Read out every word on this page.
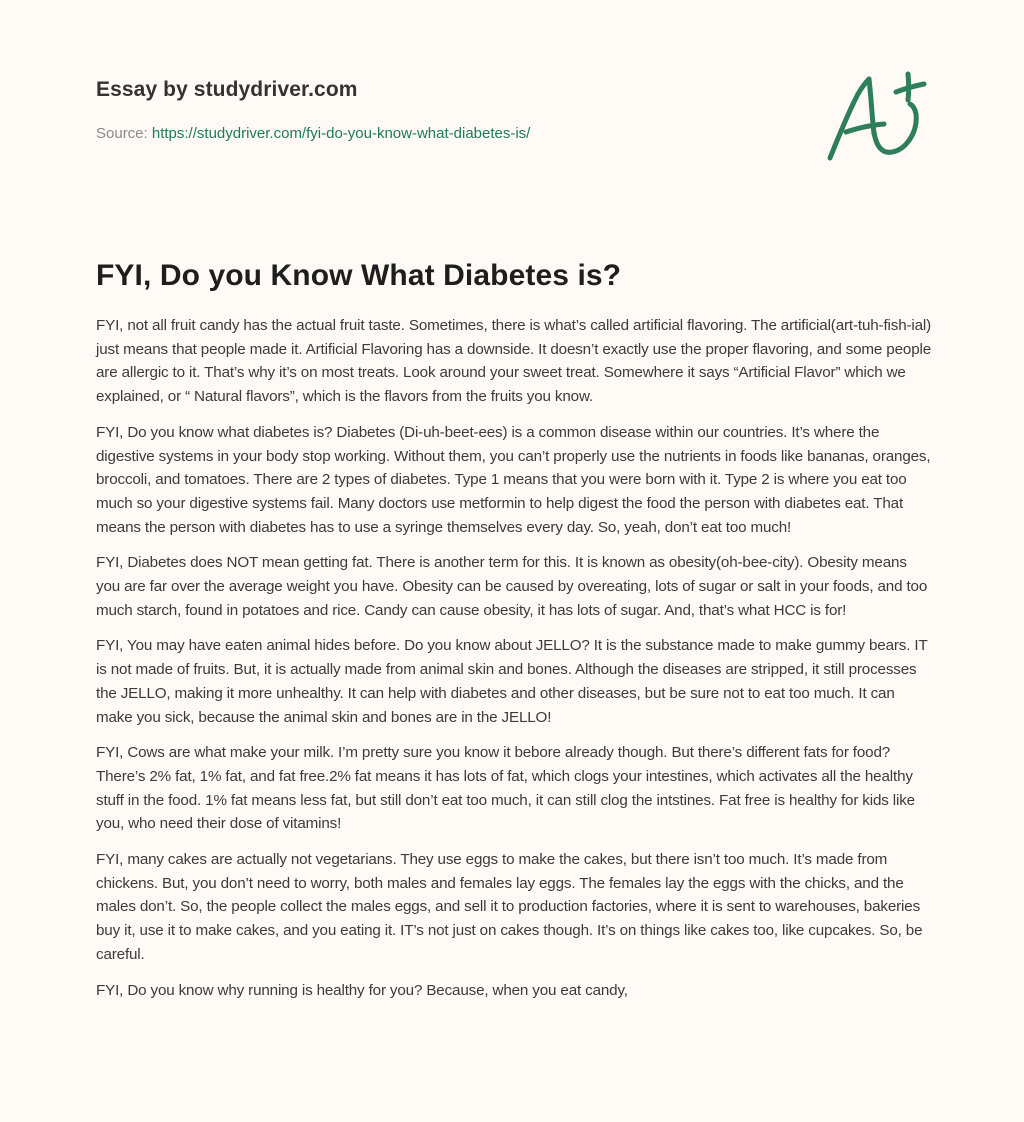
Essay by studydriver.com
Source: https://studydriver.com/fyi-do-you-know-what-diabetes-is/
FYI, Do you Know What Diabetes is?

FYI, not all fruit candy has the actual fruit taste. Sometimes, there is what’s called artificial flavoring. The artificial(art-tuh-fish-ial) just means that people made it. Artificial Flavoring has a downside. It doesn’t exactly use the proper flavoring, and some people are allergic to it. That’s why it’s on most treats. Look around your sweet treat. Somewhere it says “Artificial Flavor” which we explained, or “ Natural flavors”, which is the flavors from the fruits you know.

FYI, Do you know what diabetes is? Diabetes (Di-uh-beet-ees) is a common disease within our countries. It’s where the digestive systems in your body stop working. Without them, you can’t properly use the nutrients in foods like bananas, oranges, broccoli, and tomatoes. There are 2 types of diabetes. Type 1 means that you were born with it. Type 2 is where you eat too much so your digestive systems fail. Many doctors use metformin to help digest the food the person with diabetes eat. That means the person with diabetes has to use a syringe themselves every day. So, yeah, don’t eat too much!

FYI, Diabetes does NOT mean getting fat. There is another term for this. It is known as obesity(oh-bee-city). Obesity means you are far over the average weight you have. Obesity can be caused by overeating, lots of sugar or salt in your foods, and too much starch, found in potatoes and rice. Candy can cause obesity, it has lots of sugar. And, that’s what HCC is for!

FYI, You may have eaten animal hides before. Do you know about JELLO? It is the substance made to make gummy bears. IT is not made of fruits. But, it is actually made from animal skin and bones. Although the diseases are stripped, it still processes the JELLO, making it more unhealthy. It can help with diabetes and other diseases, but be sure not to eat too much. It can make you sick, because the animal skin and bones are in the JELLO!

FYI, Cows are what make your milk. I’m pretty sure you know it bebore already though. But there’s different fats for food? There’s 2% fat, 1% fat, and fat free.2% fat means it has lots of fat, which clogs your intestines, which activates all the healthy stuff in the food. 1% fat means less fat, but still don’t eat too much, it can still clog the intstines. Fat free is healthy for kids like you, who need their dose of vitamins!

FYI, many cakes are actually not vegetarians. They use eggs to make the cakes, but there isn’t too much. It’s made from chickens. But, you don’t need to worry, both males and females lay eggs. The females lay the eggs with the chicks, and the males don’t. So, the people collect the males eggs, and sell it to production factories, where it is sent to warehouses, bakeries buy it, use it to make cakes, and you eating it. IT’s not just on cakes though. It’s on things like cakes too, like cupcakes. So, be careful.

FYI, Do you know why running is healthy for you? Because, when you eat candy,
